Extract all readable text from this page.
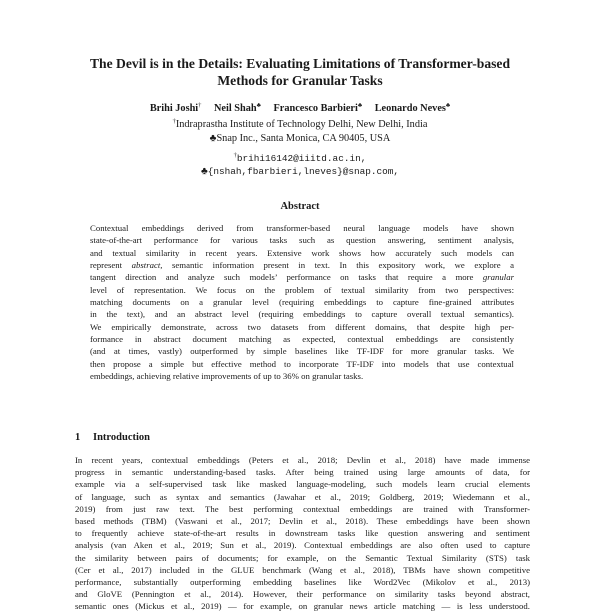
The Devil is in the Details: Evaluating Limitations of Transformer-based
Methods for Granular Tasks
Brihi Joshi† Neil Shah♣ Francesco Barbieri♣ Leonardo Neves♣
†Indraprastha Institute of Technology Delhi, New Delhi, India
♣Snap Inc., Santa Monica, CA 90405, USA
†brihi16142@iiitd.ac.in,
♣{nshah,fbarbieri,lneves}@snap.com,
Abstract
Contextual embeddings derived from transformer-based neural language models have shown
state-of-the-art performance for various tasks such as question answering, sentiment analysis,
and textual similarity in recent years. Extensive work shows how accurately such models can
represent abstract, semantic information present in text. In this expository work, we explore a
tangent direction and analyze such models’ performance on tasks that require a more granular
level of representation. We focus on the problem of textual similarity from two perspectives:
matching documents on a granular level (requiring embeddings to capture fine-grained attributes
in the text), and an abstract level (requiring embeddings to capture overall textual semantics).
We empirically demonstrate, across two datasets from different domains, that despite high per-
formance in abstract document matching as expected, contextual embeddings are consistently
(and at times, vastly) outperformed by simple baselines like TF-IDF for more granular tasks. We
then propose a simple but effective method to incorporate TF-IDF into models that use contextual
embeddings, achieving relative improvements of up to 36% on granular tasks.
1 Introduction
In recent years, contextual embeddings (Peters et al., 2018; Devlin et al., 2018) have made immense
progress in semantic understanding-based tasks. After being trained using large amounts of data, for
example via a self-supervised task like masked language-modeling, such models learn crucial elements
of language, such as syntax and semantics (Jawahar et al., 2019; Goldberg, 2019; Wiedemann et al.,
2019) from just raw text. The best performing contextual embeddings are trained with Transformer-
based methods (TBM) (Vaswani et al., 2017; Devlin et al., 2018). These embeddings have been shown
to frequently achieve state-of-the-art results in downstream tasks like question answering and sentiment
analysis (van Aken et al., 2019; Sun et al., 2019). Contextual embeddings are also often used to capture
the similarity between pairs of documents; for example, on the Semantic Textual Similarity (STS) task
(Cer et al., 2017) included in the GLUE benchmark (Wang et al., 2018), TBMs have shown competitive
performance, substantially outperforming embedding baselines like Word2Vec (Mikolov et al., 2013)
and GloVE (Pennington et al., 2014). However, their performance on similarity tasks beyond abstract,
semantic ones (Mickus et al., 2019) — for example, on granular news article matching — is less understood.
